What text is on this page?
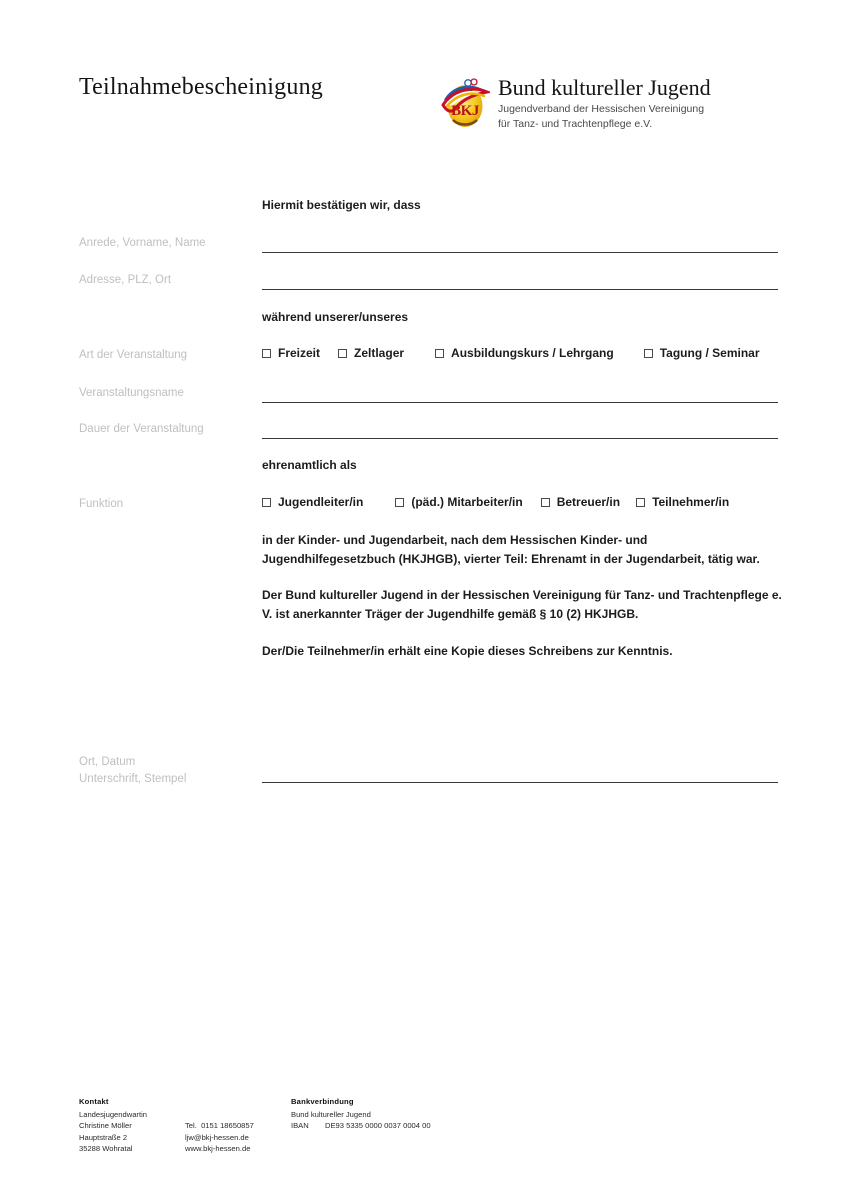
Teilnahmebescheinigung
BKJ
Bund kultureller Jugend
Jugendverband der Hessischen Vereinigung
für Tanz- und Trachtenpflege e.V.
Hiermit bestätigen wir, dass
Anrede, Vorname, Name
Adresse, PLZ, Ort
während unserer/unseres
Art der Veranstaltung	Freizeit	Zeltlager	Ausbildungskurs / Lehrgang	Tagung / Seminar
Veranstaltungsname
Dauer der Veranstaltung
ehrenamtlich als
Funktion	Jugendleiter/in	(päd.) Mitarbeiter/in	Betreuer/in	Teilnehmer/in
in der Kinder- und Jugendarbeit, nach dem Hessischen Kinder- und Jugendhilfegesetzbuch (HKJHGB), vierter Teil: Ehrenamt in der Jugendarbeit, tätig war.
Der Bund kultureller Jugend in der Hessischen Vereinigung für Tanz- und Trachtenpflege e. V. ist anerkannter Träger der Jugendhilfe gemäß § 10 (2) HKJHGB.
Der/Die Teilnehmer/in erhält eine Kopie dieses Schreibens zur Kenntnis.
Ort, Datum
Unterschrift, Stempel
Kontakt
Landesjugendwartin
Christine Möller	Tel. 0151 18650857
Hauptstraße 2	ljw@bkj-hessen.de
35288 Wohratal	www.bkj-hessen.de
Bankverbindung
Bund kultureller Jugend
IBAN	DE93 5335 0000 0037 0004 00
